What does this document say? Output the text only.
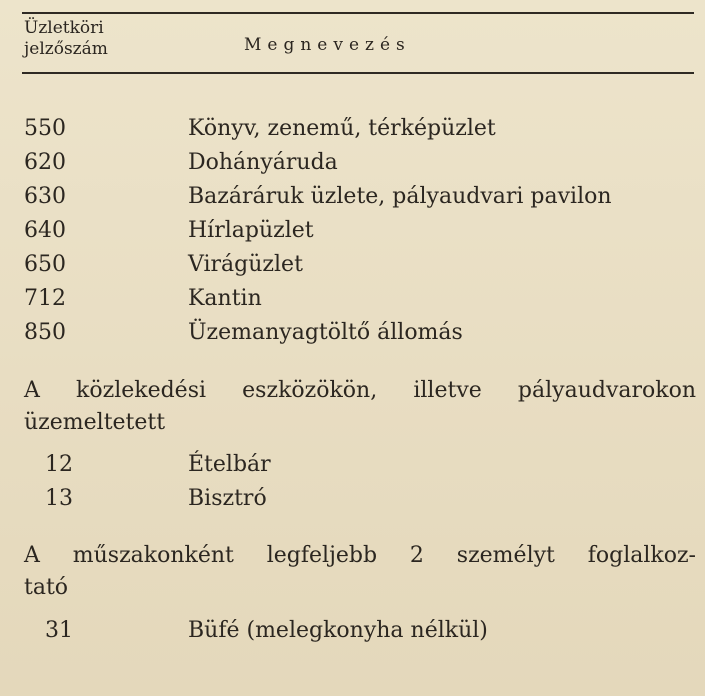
Üzletköri
jelzőszám	Megnevezés
550	Könyv, zenemű, térképüzlet
620	Dohányáruda
630	Bazáráruk üzlete, pályaudvari pavilon
640	Hírlapüzlet
650	Virágüzlet
712	Kantin
850	Üzemanyagtöltő állomás
A közlekedési eszközökön, illetve pályaudvarokon
üzemeltetett
12	Ételbár
13	Bisztró
A műszakonként legfeljebb 2 személyt foglalkoz-
tató
31	Büfé (melegkonyha nélkül)
